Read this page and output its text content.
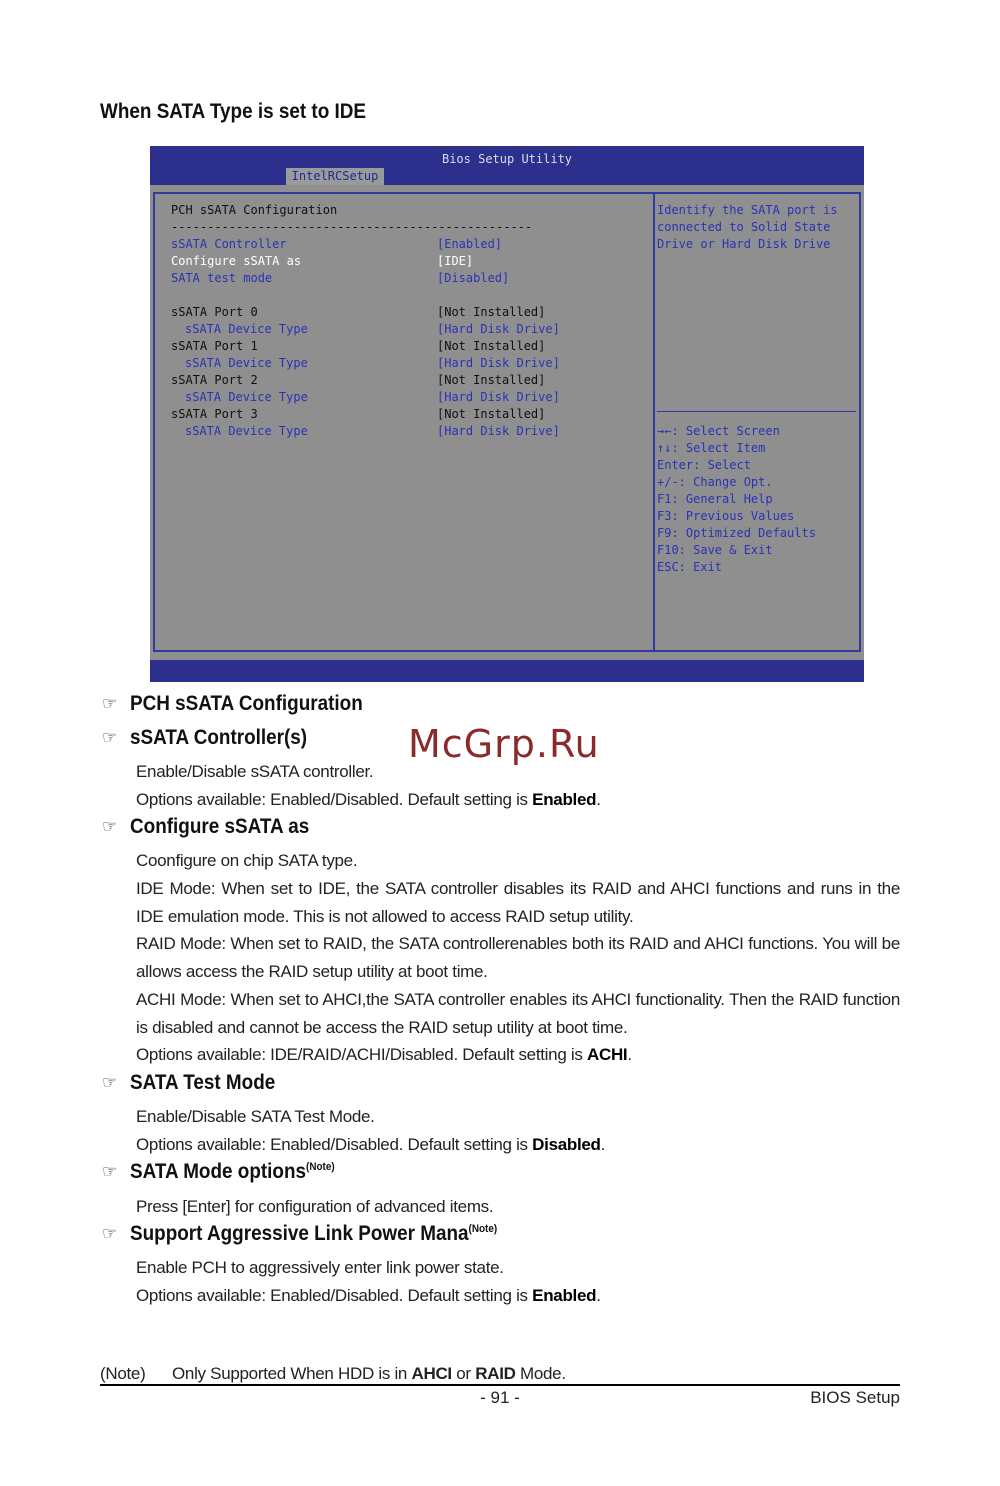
When SATA Type is set to IDE
Bios Setup Utility
IntelRCSetup
PCH sSATA Configuration
--------------------------------------------------
sSATA Controller	[Enabled]
Configure sSATA as	[IDE]
SATA test mode	[Disabled]
sSATA Port 0	[Not Installed]
sSATA Device Type	[Hard Disk Drive]
sSATA Port 1	[Not Installed]
sSATA Device Type	[Hard Disk Drive]
sSATA Port 2	[Not Installed]
sSATA Device Type	[Hard Disk Drive]
sSATA Port 3	[Not Installed]
sSATA Device Type	[Hard Disk Drive]
Identify the SATA port is
connected to Solid State
Drive or Hard Disk Drive
→←: Select Screen
↑↓: Select Item
Enter: Select
+/-: Change Opt.
F1: General Help
F3: Previous Values
F9: Optimized Defaults
F10: Save & Exit
ESC: Exit
☞ PCH sSATA Configuration
McGrp.Ru
☞ sSATA Controller(s)
Enable/Disable sSATA controller.
Options available: Enabled/Disabled. Default setting is Enabled.
☞ Configure sSATA as
Coonfigure on chip SATA type.
IDE Mode: When set to IDE, the SATA controller disables its RAID and AHCI functions and runs in the IDE emulation mode. This is not allowed to access RAID setup utility.
RAID Mode: When set to RAID, the SATA controllerenables both its RAID and AHCI functions. You will be allows access the RAID setup utility at boot time.
ACHI Mode: When set to AHCI,the SATA controller enables its AHCI functionality. Then the RAID function is disabled and cannot be access the RAID setup utility at boot time.
Options available: IDE/RAID/ACHI/Disabled. Default setting is ACHI.
☞ SATA Test Mode
Enable/Disable SATA Test Mode.
Options available: Enabled/Disabled. Default setting is Disabled.
☞ SATA Mode options$^{(Note)}$
Press [Enter] for configuration of advanced items.
☞ Support Aggressive Link Power Mana$^{(Note)}$
Enable PCH to aggressively enter link power state.
Options available: Enabled/Disabled. Default setting is Enabled.
(Note) Only Supported When HDD is in AHCI or RAID Mode.
- 91 -	BIOS Setup
